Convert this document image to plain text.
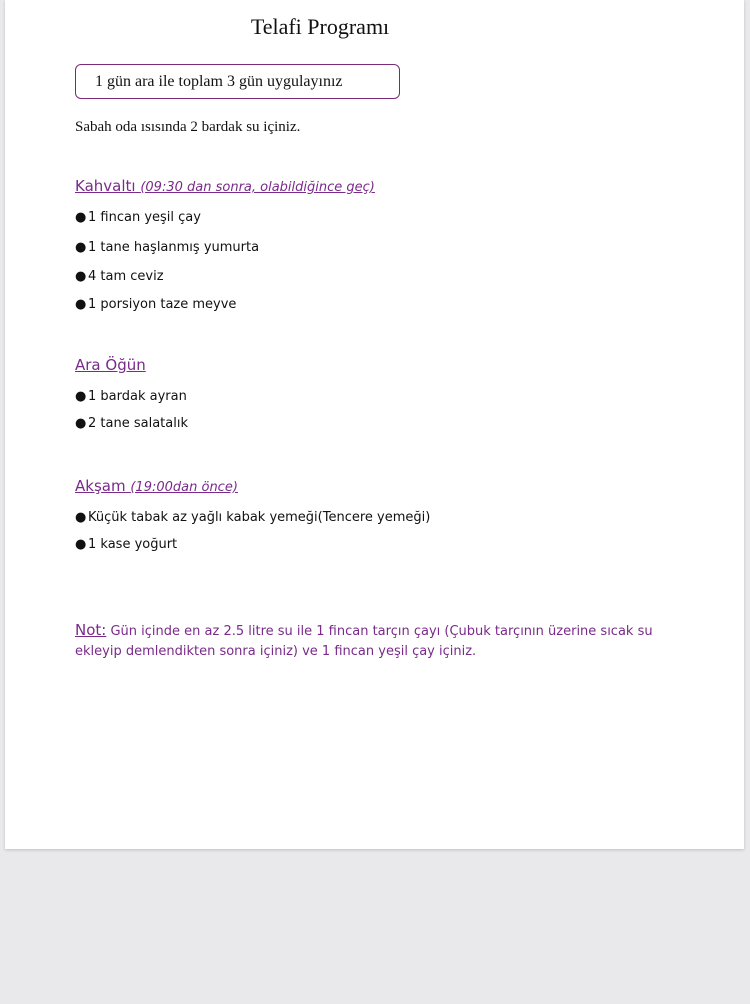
Telafi Programı
1 gün ara ile toplam 3 gün uygulayınız
Sabah oda ısısında 2 bardak su içiniz.
Kahvaltı (09:30 dan sonra, olabildiğince geç)
● 1 fincan yeşil çay
● 1 tane haşlanmış yumurta
● 4 tam ceviz
● 1 porsiyon taze meyve
Ara Öğün
● 1 bardak ayran
● 2 tane salatalık
Akşam (19:00dan önce)
● Küçük tabak az yağlı kabak yemeği(Tencere yemeği)
● 1 kase yoğurt
Not: Gün içinde en az 2.5 litre su ile 1 fincan tarçın çayı (Çubuk tarçının üzerine sıcak su ekleyip demlendikten sonra içiniz) ve 1 fincan yeşil çay içiniz.
